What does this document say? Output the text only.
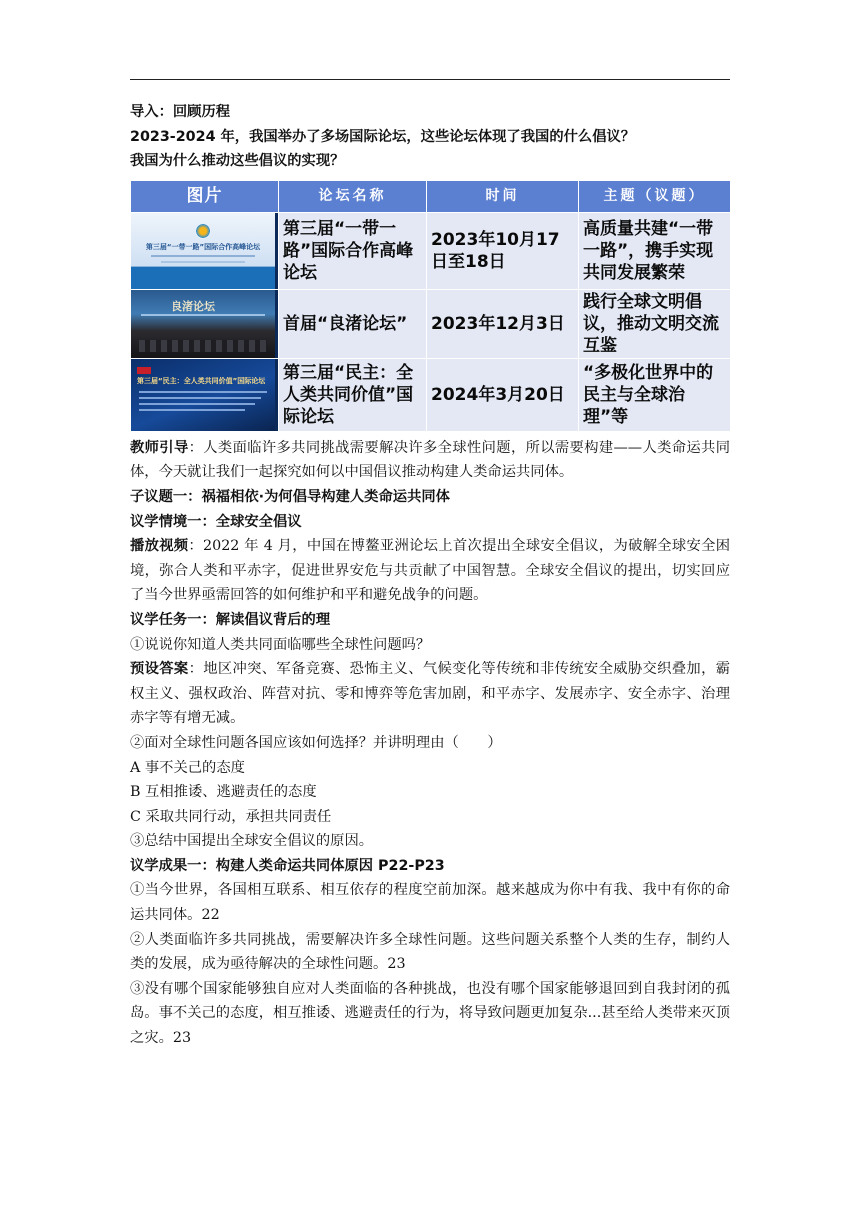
导入：回顾历程
2023-2024 年，我国举办了多场国际论坛，这些论坛体现了我国的什么倡议？
我国为什么推动这些倡议的实现？
图片	论坛名称	时间	主题（议题）

第三届“一带一路”国际合作高峰论坛	第三届“一带一路”国际合作高峰论坛	2023年10月17日至18日	高质量共建“一带一路”，携手实现共同发展繁荣

良渚论坛	首届“良渚论坛”	2023年12月3日	践行全球文明倡议，推动文明交流互鉴

第三届“民主：全人类共同价值”国际论坛	第三届“民主：全人类共同价值”国际论坛	2024年3月20日	“多极化世界中的民主与全球治理”等
教师引导：人类面临许多共同挑战需要解决许多全球性问题，所以需要构建——人类命运共同体，今天就让我们一起探究如何以中国倡议推动构建人类命运共同体。
子议题一：祸福相依·为何倡导构建人类命运共同体
议学情境一：全球安全倡议
播放视频：2022 年 4 月，中国在博鳌亚洲论坛上首次提出全球安全倡议，为破解全球安全困境，弥合人类和平赤字，促进世界安危与共贡献了中国智慧。全球安全倡议的提出，切实回应了当今世界亟需回答的如何维护和平和避免战争的问题。
议学任务一：解读倡议背后的理
①说说你知道人类共同面临哪些全球性问题吗？
预设答案：地区冲突、军备竞赛、恐怖主义、气候变化等传统和非传统安全威胁交织叠加，霸权主义、强权政治、阵营对抗、零和博弈等危害加剧，和平赤字、发展赤字、安全赤字、治理赤字等有增无减。
②面对全球性问题各国应该如何选择？并讲明理由（　　）
A 事不关己的态度
B 互相推诿、逃避责任的态度
C 采取共同行动，承担共同责任
③总结中国提出全球安全倡议的原因。
议学成果一：构建人类命运共同体原因 P22-P23
①当今世界，各国相互联系、相互依存的程度空前加深。越来越成为你中有我、我中有你的命运共同体。22
②人类面临许多共同挑战，需要解决许多全球性问题。这些问题关系整个人类的生存，制约人类的发展，成为亟待解决的全球性问题。23
③没有哪个国家能够独自应对人类面临的各种挑战，也没有哪个国家能够退回到自我封闭的孤岛。事不关己的态度，相互推诿、逃避责任的行为，将导致问题更加复杂...甚至给人类带来灭顶之灾。23
